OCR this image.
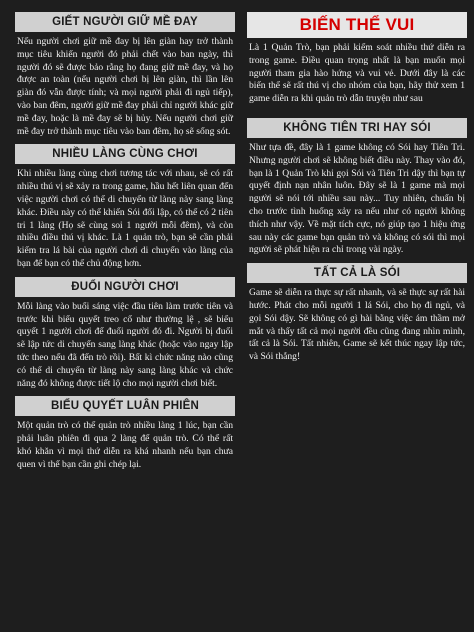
GIẾT NGƯỜI GIỮ MỀ ĐAY
Nếu người chơi giữ mề đay bị lên giàn hay trở thành mục tiêu khiến người đó phải chết vào ban ngày, thì người đó sẽ được bảo rằng họ đang giữ mề đay, và họ được an toàn (nếu người chơi bị lên giàn, thì lần lên giàn đó vẫn được tính; và mọi người phải đi ngủ tiếp), vào ban đêm, người giữ mề đay phải chỉ người khác giữ mề đay, hoặc là mề đay sẽ bị hủy. Nếu người chơi giữ mề đay trở thành mục tiêu vào ban đêm, họ sẽ sống sót.
NHIỀU LÀNG CÙNG CHƠI
Khi nhiều làng cùng chơi tương tác với nhau, sẽ có rất nhiều thú vị sẽ xảy ra trong game, hầu hết liên quan đến việc người chơi có thể di chuyển từ làng này sang làng khác. Điều này có thể khiến Sói đối lập, có thể có 2 tiên tri 1 làng (Họ sẽ cùng soi 1 người mỗi đêm), và còn nhiều điều thú vị khác. Là 1 quản trò, bạn sẽ cần phải kiểm tra lá bài của người chơi di chuyển vào làng của bạn để bạn có thể chủ động hơn.
ĐUỔI NGƯỜI CHƠI
Mỗi làng vào buổi sáng việc đầu tiên làm trước tiên và trước khi biểu quyết treo cổ như thường lệ , sẽ biểu quyết 1 người chơi để đuổi người đó đi. Người bị đuổi sẽ lập tức di chuyển sang làng khác (hoặc vào ngay lập tức theo nếu đã đến trò rồi). Bất kì chức năng nào cũng có thể di chuyển từ làng này sang làng khác và chức năng đó không được tiết lộ cho mọi người chơi biết.
BIỂU QUYẾT LUÂN PHIÊN
Một quản trò có thể quản trò nhiều làng 1 lúc, bạn cần phải luân phiên đi qua 2 làng để quản trò. Có thể rất khó khăn vì mọi thứ diễn ra khá nhanh nếu bạn chưa quen vì thế bạn cần ghi chép lại.
BIẾN THỂ VUI
Là 1 Quản Trò, bạn phải kiểm soát nhiều thứ diễn ra trong game. Điều quan trọng nhất là bạn muốn mọi người tham gia hào hứng và vui vẻ. Dưới đây là các biến thể sẽ rất thú vị cho nhóm của bạn, hãy thử xem 1 game diễn ra khi quản trò dẫn truyện như sau
KHÔNG TIÊN TRI HAY SÓI
Như tựa đề, đây là 1 game không có Sói hay Tiên Tri. Nhưng người chơi sẽ không biết điều này. Thay vào đó, bạn là 1 Quản Trò khi gọi Sói và Tiên Tri dậy thì bạn tự quyết định nạn nhân luôn. Đây sẽ là 1 game mà mọi người sẽ nói tới nhiều sau này... Tuy nhiên, chuẩn bị cho trước tình huống xảy ra nếu như có người không thích như vậy. Về mặt tích cực, nó giúp tạo 1 hiệu ứng sau này các game bạn quản trò và không có sói thì mọi người sẽ phát hiện ra chỉ trong vài ngày.
TẤT CẢ LÀ SÓI
Game sẽ diễn ra thực sự rất nhanh, và sẽ thực sự rất hài hước. Phát cho mỗi người 1 lá Sói, cho họ đi ngủ, và gọi Sói dậy. Sẽ không có gì hài bằng việc ám thầm mở mắt và thấy tất cả mọi người đều cũng đang nhìn mình, tất cả là Sói. Tất nhiên, Game sẽ kết thúc ngay lập tức, và Sói thắng!
